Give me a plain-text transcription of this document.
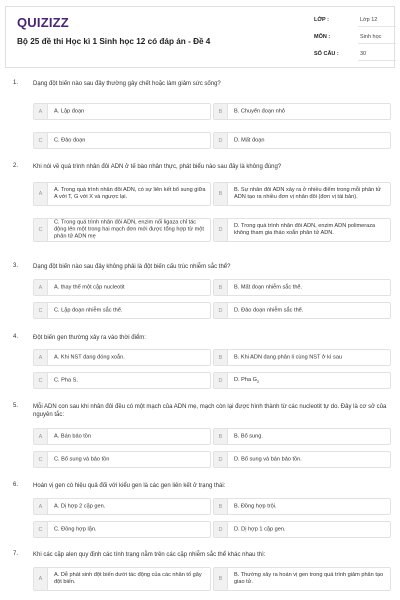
QUIZIZZ
Bộ 25 đề thi Học kì 1 Sinh học 12 có đáp án - Đề 4
LỚP :	Lớp 12
MÔN :	Sinh học
SỐ CÂU :	30
1. Dạng đột biến nào sau đây thường gây chết hoặc làm giảm sức sống?
A	A. Lặp đoạn	B	B. Chuyển đoạn nhỏ
C	C. Đảo đoạn	D	D. Mất đoạn
2. Khi nói về quá trình nhân đôi ADN ở tế bào nhân thực, phát biểu nào sau đây là không đúng?
A
A. Trong quá trình nhân đôi ADN, có sự liên kết bổ sung giữa A với T, G với X và ngược lại.	B
B. Sự nhân đôi ADN xảy ra ở nhiều điểm trong mỗi phân tử ADN tạo ra nhiều đơn vị nhân đôi (đơn vị tái bản).
C
C. Trong quá trình nhân đôi ADN, enzim nối ligaza chỉ tác động lên một trong hai mạch đơn mới được tổng hợp từ một phân tử ADN mẹ
D
D. Trong quá trình nhân đôi ADN, enzim ADN polimeraza không tham gia tháo xoắn phân tử ADN.
3. Dạng đột biến nào sau đây không phải là đột biến cấu trúc nhiễm sắc thể?
A	A. thay thế một cặp nucleotit	B	B. Mất đoạn nhiễm sắc thể.
C	C. Lặp đoạn nhiễm sắc thể.	D	D. Đảo đoạn nhiễm sắc thể.
4. Đột biến gen thường xảy ra vào thời điểm:
A	A. Khi NST đang đóng xoắn.	B	B. Khi ADN đang phân li cùng NST ở kì sau
C	C. Pha S.	D	D. Pha $G_2$
5. Mỗi ADN con sau khi nhân đôi đều có một mạch của ADN mẹ, mạch còn lại được hình thành từ các nucleotit tự do. Đây là cơ sở của nguyên tắc:
A	A. Bán bảo tồn	B	B. Bổ sung.
C	C. Bổ sung và bảo tồn	D	D. Bổ sung và bán bảo tồn.
6. Hoán vị gen có hiệu quả đối với kiểu gen là các gen liên kết ở trạng thái:
A	A. Dị hợp 2 cặp gen.	B	B. Đồng hợp trội.
C	C. Đồng hợp lặn.	D	D. Dị hợp 1 cặp gen.
7. Khi các cặp alen quy định các tính trạng nằm trên các cặp nhiễm sắc thể khác nhau thì:
A
A. Dễ phát sinh đột biến dưới tác động của các nhân tố gây đột biến.	B
B. Thường xảy ra hoán vị gen trong quá trình giảm phân tạo giao tử.
